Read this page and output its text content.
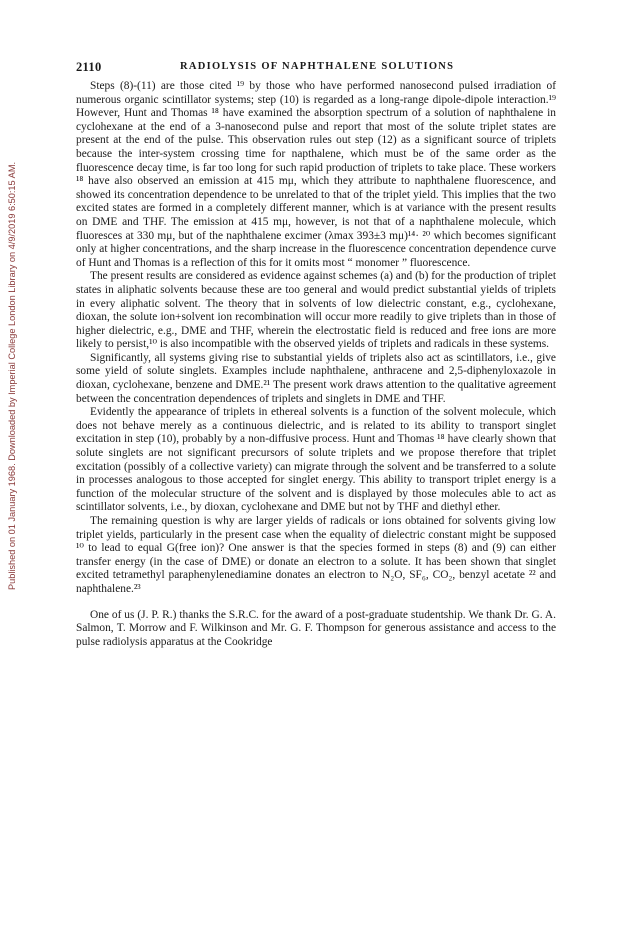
2110	RADIOLYSIS OF NAPHTHALENE SOLUTIONS
Published on 01 January 1968. Downloaded by Imperial College London Library on 4/9/2019 6:50:15 AM.

Steps (8)-(11) are those cited ¹⁹ by those who have performed nanosecond pulsed irradiation of numerous organic scintillator systems; step (10) is regarded as a long-range dipole-dipole interaction.¹⁹ However, Hunt and Thomas ¹⁸ have examined the absorption spectrum of a solution of naphthalene in cyclohexane at the end of a 3-nanosecond pulse and report that most of the solute triplet states are present at the end of the pulse. This observation rules out step (12) as a significant source of triplets because the inter-system crossing time for napthalene, which must be of the same order as the fluorescence decay time, is far too long for such rapid production of triplets to take place. These workers ¹⁸ have also observed an emission at 415 mμ, which they attribute to naphthalene fluorescence, and showed its concentration dependence to be unrelated to that of the triplet yield. This implies that the two excited states are formed in a completely different manner, which is at variance with the present results on DME and THF. The emission at 415 mμ, however, is not that of a naphthalene molecule, which fluoresces at 330 mμ, but of the naphthalene excimer (λmax 393±3 mμ)¹⁴· ²⁰ which becomes significant only at higher concentrations, and the sharp increase in the fluorescence concentration dependence curve of Hunt and Thomas is a reflection of this for it omits most “ monomer ” fluorescence.

The present results are considered as evidence against schemes (a) and (b) for the production of triplet states in aliphatic solvents because these are too general and would predict substantial yields of triplets in every aliphatic solvent. The theory that in solvents of low dielectric constant, e.g., cyclohexane, dioxan, the solute ion+solvent ion recombination will occur more readily to give triplets than in those of higher dielectric, e.g., DME and THF, wherein the electrostatic field is reduced and free ions are more likely to persist,¹⁰ is also incompatible with the observed yields of triplets and radicals in these systems.

Significantly, all systems giving rise to substantial yields of triplets also act as scintillators, i.e., give some yield of solute singlets. Examples include naphthalene, anthracene and 2,5-diphenyloxazole in dioxan, cyclohexane, benzene and DME.²¹ The present work draws attention to the qualitative agreement between the concentration dependences of triplets and singlets in DME and THF.

Evidently the appearance of triplets in ethereal solvents is a function of the solvent molecule, which does not behave merely as a continuous dielectric, and is related to its ability to transport singlet excitation in step (10), probably by a non-diffusive process. Hunt and Thomas ¹⁸ have clearly shown that solute singlets are not significant precursors of solute triplets and we propose therefore that triplet excitation (possibly of a collective variety) can migrate through the solvent and be transferred to a solute in processes analogous to those accepted for singlet energy. This ability to transport triplet energy is a function of the molecular structure of the solvent and is displayed by those molecules able to act as scintillator solvents, i.e., by dioxan, cyclohexane and DME but not by THF and diethyl ether.

The remaining question is why are larger yields of radicals or ions obtained for solvents giving low triplet yields, particularly in the present case when the equality of dielectric constant might be supposed ¹⁰ to lead to equal G(free ion)? One answer is that the species formed in steps (8) and (9) can either transfer energy (in the case of DME) or donate an electron to a solute. It has been shown that singlet excited tetramethyl paraphenylenediamine donates an electron to N₂O, SF₆, CO₂, benzyl acetate ²² and naphthalene.²³

One of us (J. P. R.) thanks the S.R.C. for the award of a post-graduate studentship. We thank Dr. G. A. Salmon, T. Morrow and F. Wilkinson and Mr. G. F. Thompson for generous assistance and access to the pulse radiolysis apparatus at the Cookridge
